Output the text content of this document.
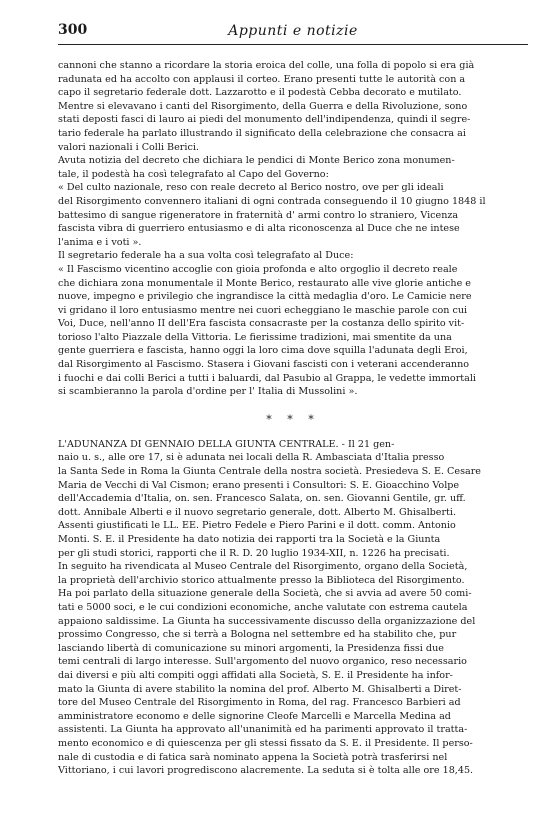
300	Appunti e notizie
cannoni che stanno a ricordare la storia eroica del colle, una folla di popolo si era già
radunata ed ha accolto con applausi il corteo. Erano presenti tutte le autorità con a
capo il segretario federale dott. Lazzarotto e il podestà Cebba decorato e mutilato.
Mentre si elevavano i canti del Risorgimento, della Guerra e della Rivoluzione, sono
stati deposti fasci di lauro ai piedi del monumento dell'indipendenza, quindi il segre-
tario federale ha parlato illustrando il significato della celebrazione che consacra ai
valori nazionali i Colli Berici.
Avuta notizia del decreto che dichiara le pendici di Monte Berico zona monumen-
tale, il podestà ha così telegrafato al Capo del Governo:
« Del culto nazionale, reso con reale decreto al Berico nostro, ove per gli ideali
del Risorgimento convennero italiani di ogni contrada conseguendo il 10 giugno 1848 il
battesimo di sangue rigeneratore in fraternità d' armi contro lo straniero, Vicenza
fascista vibra di guerriero entusiasmo e di alta riconoscenza al Duce che ne intese
l'anima e i voti ».
Il segretario federale ha a sua volta così telegrafato al Duce:
« Il Fascismo vicentino accoglie con gioia profonda e alto orgoglio il decreto reale
che dichiara zona monumentale il Monte Berico, restaurato alle vive glorie antiche e
nuove, impegno e privilegio che ingrandisce la città medaglia d'oro. Le Camicie nere
vi gridano il loro entusiasmo mentre nei cuori echeggiano le maschie parole con cui
Voi, Duce, nell'anno II dell'Era fascista consacraste per la costanza dello spirito vit-
torioso l'alto Piazzale della Vittoria. Le fierissime tradizioni, mai smentite da una
gente guerriera e fascista, hanno oggi la loro cima dove squilla l'adunata degli Eroi,
dal Risorgimento al Fascismo. Stasera i Giovani fascisti con i veterani accenderanno
i fuochi e dai colli Berici a tutti i baluardi, dal Pasubio al Grappa, le vedette immortali
si scambieranno la parola d'ordine per l' Italia di Mussolini ».
* * *
L'ADUNANZA DI GENNAIO DELLA GIUNTA CENTRALE. - Il 21 gen-
naio u. s., alle ore 17, si è adunata nei locali della R. Ambasciata d'Italia presso
la Santa Sede in Roma la Giunta Centrale della nostra società. Presiedeva S. E. Cesare
Maria de Vecchi di Val Cismon; erano presenti i Consultori: S. E. Gioacchino Volpe
dell'Accademia d'Italia, on. sen. Francesco Salata, on. sen. Giovanni Gentile, gr. uff.
dott. Annibale Alberti e il nuovo segretario generale, dott. Alberto M. Ghisalberti.
Assenti giustificati le LL. EE. Pietro Fedele e Piero Parini e il dott. comm. Antonio
Monti. S. E. il Presidente ha dato notizia dei rapporti tra la Società e la Giunta
per gli studi storici, rapporti che il R. D. 20 luglio 1934-XII, n. 1226 ha precisati.
In seguito ha rivendicata al Museo Centrale del Risorgimento, organo della Società,
la proprietà dell'archivio storico attualmente presso la Biblioteca del Risorgimento.
Ha poi parlato della situazione generale della Società, che si avvia ad avere 50 comi-
tati e 5000 soci, e le cui condizioni economiche, anche valutate con estrema cautela
appaiono saldissime. La Giunta ha successivamente discusso della organizzazione del
prossimo Congresso, che si terrà a Bologna nel settembre ed ha stabilito che, pur
lasciando libertà di comunicazione su minori argomenti, la Presidenza fissi due
temi centrali di largo interesse. Sull'argomento del nuovo organico, reso necessario
dai diversi e più alti compiti oggi affidati alla Società, S. E. il Presidente ha infor-
mato la Giunta di avere stabilito la nomina del prof. Alberto M. Ghisalberti a Diret-
tore del Museo Centrale del Risorgimento in Roma, del rag. Francesco Barbieri ad
amministratore economo e delle signorine Cleofe Marcelli e Marcella Medina ad
assistenti. La Giunta ha approvato all'unanimità ed ha parimenti approvato il tratta-
mento economico e di quiescenza per gli stessi fissato da S. E. il Presidente. Il perso-
nale di custodia e di fatica sarà nominato appena la Società potrà trasferirsi nel
Vittoriano, i cui lavori progrediscono alacremente. La seduta si è tolta alle ore 18,45.
